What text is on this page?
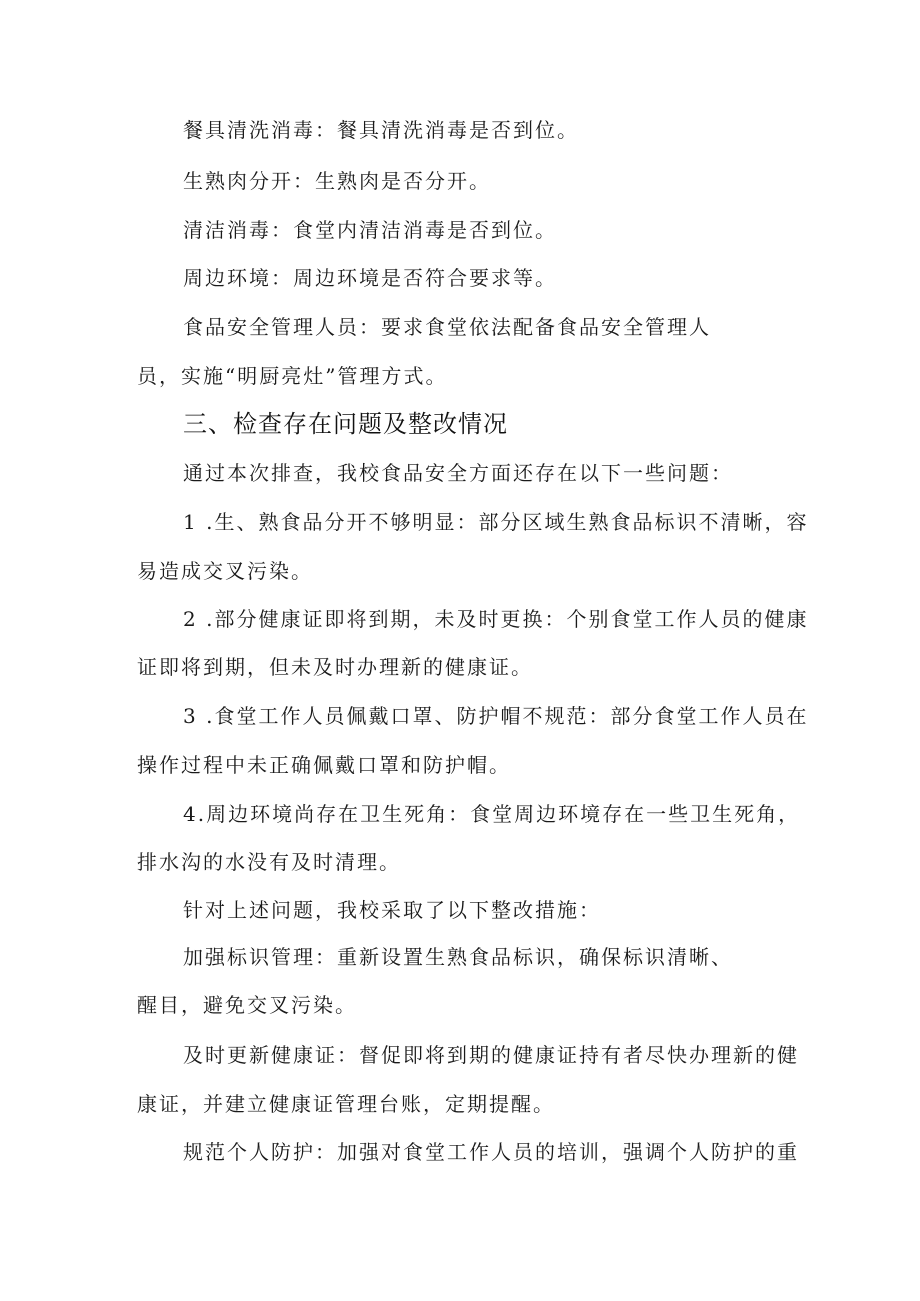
餐具清洗消毒：餐具清洗消毒是否到位。
生熟肉分开：生熟肉是否分开。
清洁消毒：食堂内清洁消毒是否到位。
周边环境：周边环境是否符合要求等。
食品安全管理人员：要求食堂依法配备食品安全管理人
员，实施“明厨亮灶”管理方式。
三、检查存在问题及整改情况
通过本次排查，我校食品安全方面还存在以下一些问题：
1 .生、熟食品分开不够明显：部分区域生熟食品标识不清晰，容
易造成交叉污染。
2 .部分健康证即将到期，未及时更换：个别食堂工作人员的健康
证即将到期，但未及时办理新的健康证。
3 .食堂工作人员佩戴口罩、防护帽不规范：部分食堂工作人员在
操作过程中未正确佩戴口罩和防护帽。
4.周边环境尚存在卫生死角：食堂周边环境存在一些卫生死角，
排水沟的水没有及时清理。
针对上述问题，我校采取了以下整改措施：
加强标识管理：重新设置生熟食品标识，确保标识清晰、
醒目，避免交叉污染。
及时更新健康证：督促即将到期的健康证持有者尽快办理新的健
康证，并建立健康证管理台账，定期提醒。
规范个人防护：加强对食堂工作人员的培训，强调个人防护的重
